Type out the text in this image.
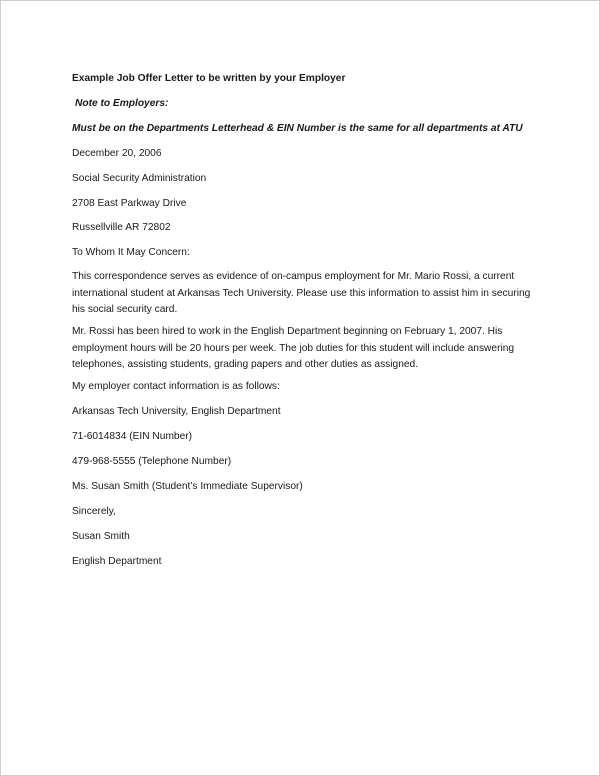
Example Job Offer Letter to be written by your Employer
Note to Employers:
Must be on the Departments Letterhead & EIN Number is the same for all departments at ATU
December 20, 2006
Social Security Administration
2708 East Parkway Drive
Russellville AR 72802
To Whom It May Concern:
This correspondence serves as evidence of on-campus employment for Mr. Mario Rossi, a current
international student at Arkansas Tech University. Please use this information to assist him in securing
his social security card.
Mr. Rossi has been hired to work in the English Department beginning on February 1, 2007. His
employment hours will be 20 hours per week. The job duties for this student will include answering
telephones, assisting students, grading papers and other duties as assigned.
My employer contact information is as follows:
Arkansas Tech University, English Department
71-6014834 (EIN Number)
479-968-5555 (Telephone Number)
Ms. Susan Smith (Student’s Immediate Supervisor)
Sincerely,
Susan Smith
English Department
